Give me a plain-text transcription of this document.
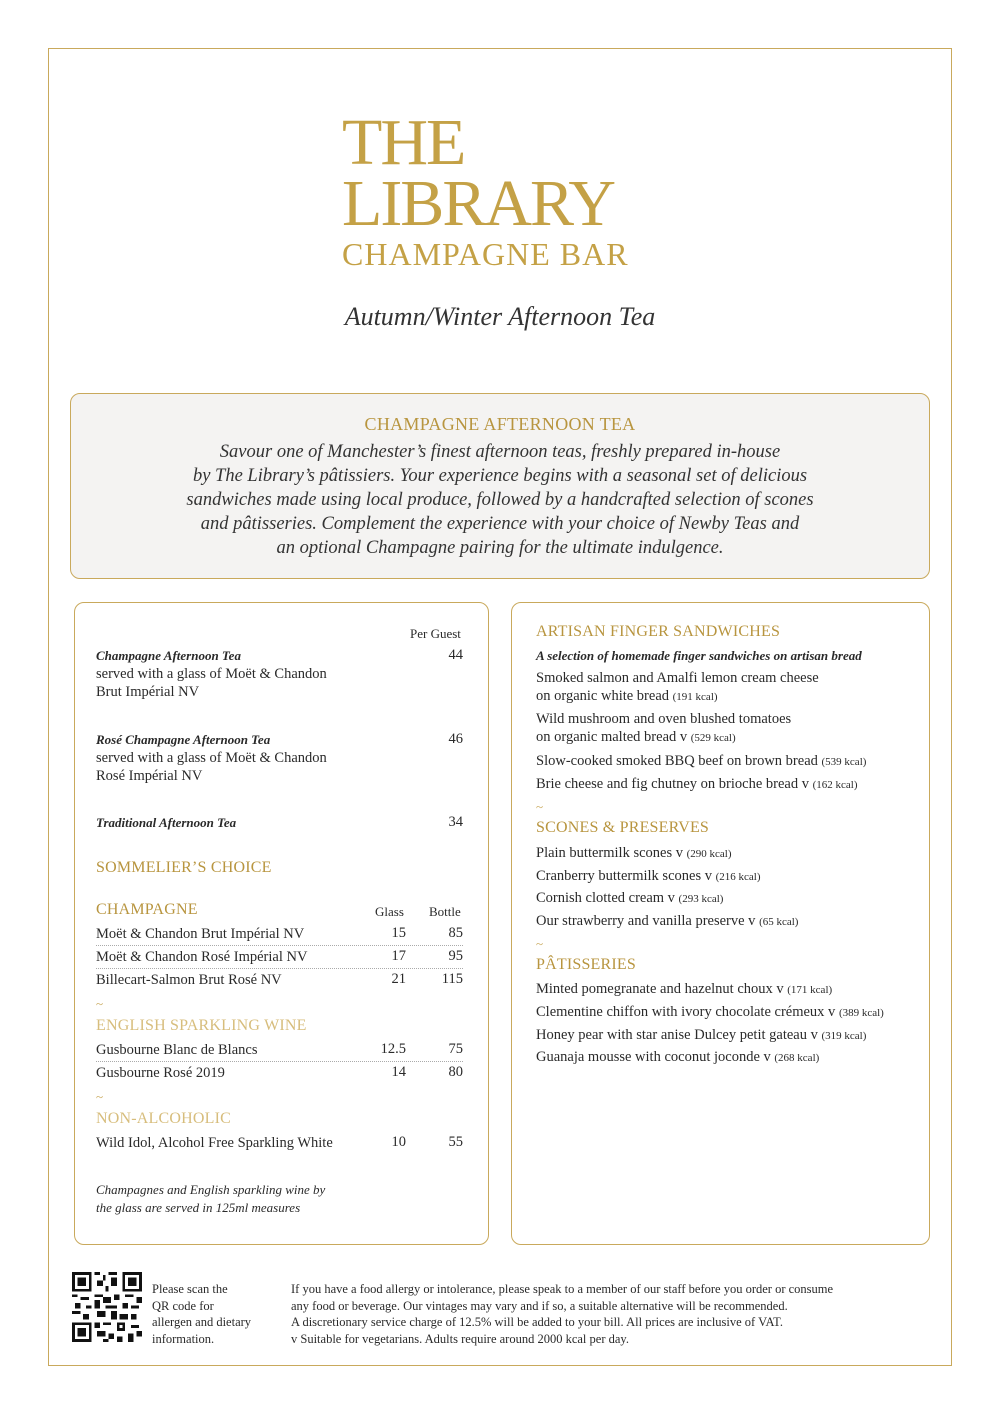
THE
LIBRARY
CHAMPAGNE BAR
Autumn/Winter Afternoon Tea
CHAMPAGNE AFTERNOON TEA
Savour one of Manchester’s finest afternoon teas, freshly prepared in-house
by The Library’s pâtissiers. Your experience begins with a seasonal set of delicious
sandwiches made using local produce, followed by a handcrafted selection of scones
and pâtisseries. Complement the experience with your choice of Newby Teas and
an optional Champagne pairing for the ultimate indulgence.
Per Guest
Champagne Afternoon Tea	44
served with a glass of Moët & Chandon
Brut Impérial NV
Rosé Champagne Afternoon Tea	46
served with a glass of Moët & Chandon
Rosé Impérial NV
Traditional Afternoon Tea	34
SOMMELIER’S CHOICE
CHAMPAGNE	Glass Bottle
Moët & Chandon Brut Impérial NV	15	85
Moët & Chandon Rosé Impérial NV	17	95
Billecart-Salmon Brut Rosé NV	21	115
~
ENGLISH SPARKLING WINE
Gusbourne Blanc de Blancs	12.5	75
Gusbourne Rosé 2019	14	80
~
NON-ALCOHOLIC
Wild Idol, Alcohol Free Sparkling White	10	55
Champagnes and English sparkling wine by
the glass are served in 125ml measures
ARTISAN FINGER SANDWICHES
A selection of homemade finger sandwiches on artisan bread
Smoked salmon and Amalfi lemon cream cheese
on organic white bread (191 kcal)
Wild mushroom and oven blushed tomatoes
on organic malted bread v (529 kcal)
Slow-cooked smoked BBQ beef on brown bread (539 kcal)
Brie cheese and fig chutney on brioche bread v (162 kcal)
~
SCONES & PRESERVES
Plain buttermilk scones v (290 kcal)
Cranberry buttermilk scones v (216 kcal)
Cornish clotted cream v (293 kcal)
Our strawberry and vanilla preserve v (65 kcal)
~
PÂTISSERIES
Minted pomegranate and hazelnut choux v (171 kcal)
Clementine chiffon with ivory chocolate crémeux v (389 kcal)
Honey pear with star anise Dulcey petit gateau v (319 kcal)
Guanaja mousse with coconut joconde v (268 kcal)
Please scan the
QR code for
allergen and dietary
information.
If you have a food allergy or intolerance, please speak to a member of our staff before you order or consume
any food or beverage. Our vintages may vary and if so, a suitable alternative will be recommended.
A discretionary service charge of 12.5% will be added to your bill. All prices are inclusive of VAT.
v Suitable for vegetarians. Adults require around 2000 kcal per day.
